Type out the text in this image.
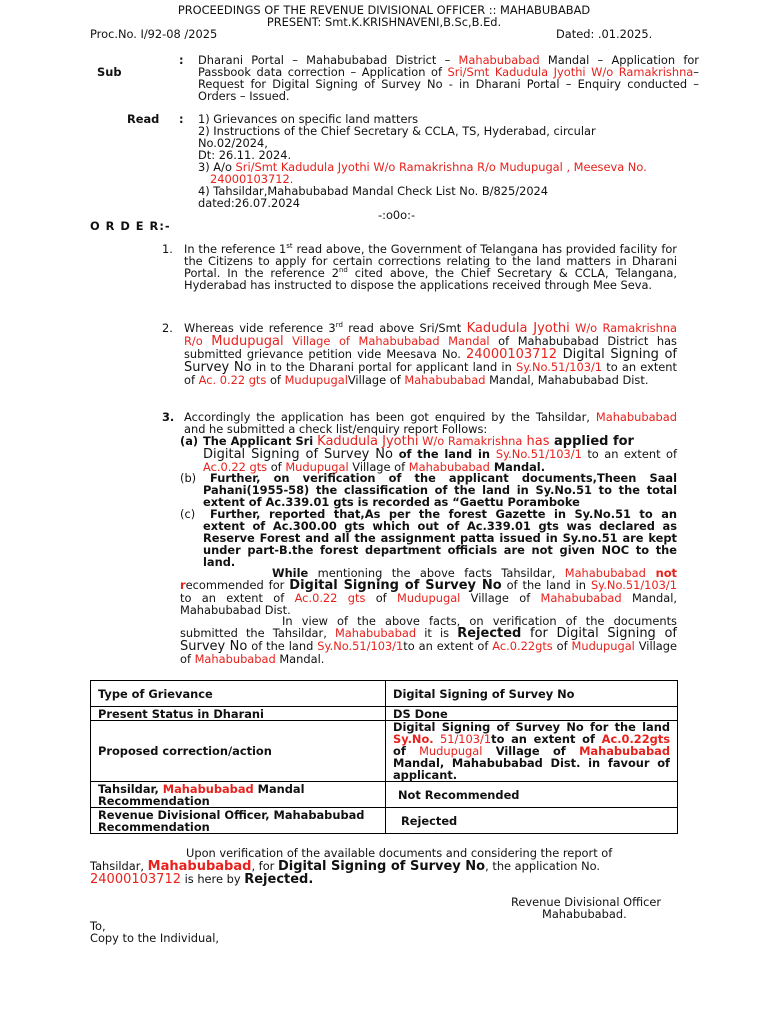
PROCEEDINGS OF THE REVENUE DIVISIONAL OFFICER :: MAHABUBABAD
PRESENT: Smt.K.KRISHNAVENI,B.Sc,B.Ed.
Proc.No. I/92-08 /2025	Dated: .01.2025.
Sub
: Dharani Portal – Mahabubabad District – Mahabubabad Mandal – Application for Passbook data correction – Application of Sri/Smt Kadudula Jyothi W/o Ramakrishna– Request for Digital Signing of Survey No - in Dharani Portal – Enquiry conducted – Orders – Issued.
Read : 1) Grievances on specific land matters
2) Instructions of the Chief Secretary & CCLA, TS, Hyderabad, circular No.02/2024,
Dt: 26.11. 2024.
3) A/o Sri/Smt Kadudula Jyothi W/o Ramakrishna R/o Mudupugal , Meeseva No.
24000103712.
4) Tahsildar,Mahabubabad Mandal Check List No. B/825/2024
dated:26.07.2024
-:o0o:-
O R D E R:-
1. In the reference 1st read above, the Government of Telangana has provided facility for the Citizens to apply for certain corrections relating to the land matters in Dharani Portal. In the reference 2nd cited above, the Chief Secretary & CCLA, Telangana, Hyderabad has instructed to dispose the applications received through Mee Seva.
2. Whereas vide reference 3rd read above Sri/Smt Kadudula Jyothi W/o Ramakrishna R/o Mudupugal Village of Mahabubabad Mandal of Mahabubabad District has submitted grievance petition vide Meesava No. 24000103712 Digital Signing of Survey No in to the Dharani portal for applicant land in Sy.No.51/103/1 to an extent of Ac. 0.22 gts of MudupugalVillage of Mahabubabad Mandal, Mahabubabad Dist.
3. Accordingly the application has been got enquired by the Tahsildar, Mahabubabad and he submitted a check list/enquiry report Follows:
(a) The Applicant Sri Kadudula Jyothi W/o Ramakrishna has applied for
Digital Signing of Survey No of the land in Sy.No.51/103/1 to an extent of Ac.0.22 gts of Mudupugal Village of Mahabubabad Mandal.
(b)	Further, on verification of the applicant documents,Theen Saal Pahani(1955-58) the classification of the land in Sy.No.51 to the total extent of Ac.339.01 gts is recorded as “Gaettu Poramboke
(c)	Further, reported that,As per the forest Gazette in Sy.No.51 to an extent of Ac.300.00 gts which out of Ac.339.01 gts was declared as Reserve Forest and all the assignment patta issued in Sy.no.51 are kept under part-B.the forest department officials are not given NOC to the land.
While mentioning the above facts Tahsildar, Mahabubabad not recommended for Digital Signing of Survey No of the land in Sy.No.51/103/1 to an extent of Ac.0.22 gts of Mudupugal Village of Mahabubabad Mandal, Mahabubabad Dist.
In view of the above facts, on verification of the documents submitted the Tahsildar, Mahabubabad it is Rejected for Digital Signing of Survey No of the land Sy.No.51/103/1to an extent of Ac.0.22gts of Mudupugal Village of Mahabubabad Mandal.
Type of Grievance	Digital Signing of Survey No
Present Status in Dharani	DS Done
Proposed correction/action	Digital Signing of Survey No for the land Sy.No. 51/103/1to an extent of Ac.0.22gts of Mudupugal Village of Mahabubabad Mandal, Mahabubabad Dist. in favour of applicant.
Tahsildar, Mahabubabad Mandal Recommendation	Not Recommended
Revenue Divisional Officer, Mahababubad Recommendation	Rejected
Upon verification of the available documents and considering the report of Tahsildar, Mahabubabad, for Digital Signing of Survey No, the application No. 24000103712 is here by Rejected.
Revenue Divisional Officer
Mahabubabad.
To,
Copy to the Individual,
